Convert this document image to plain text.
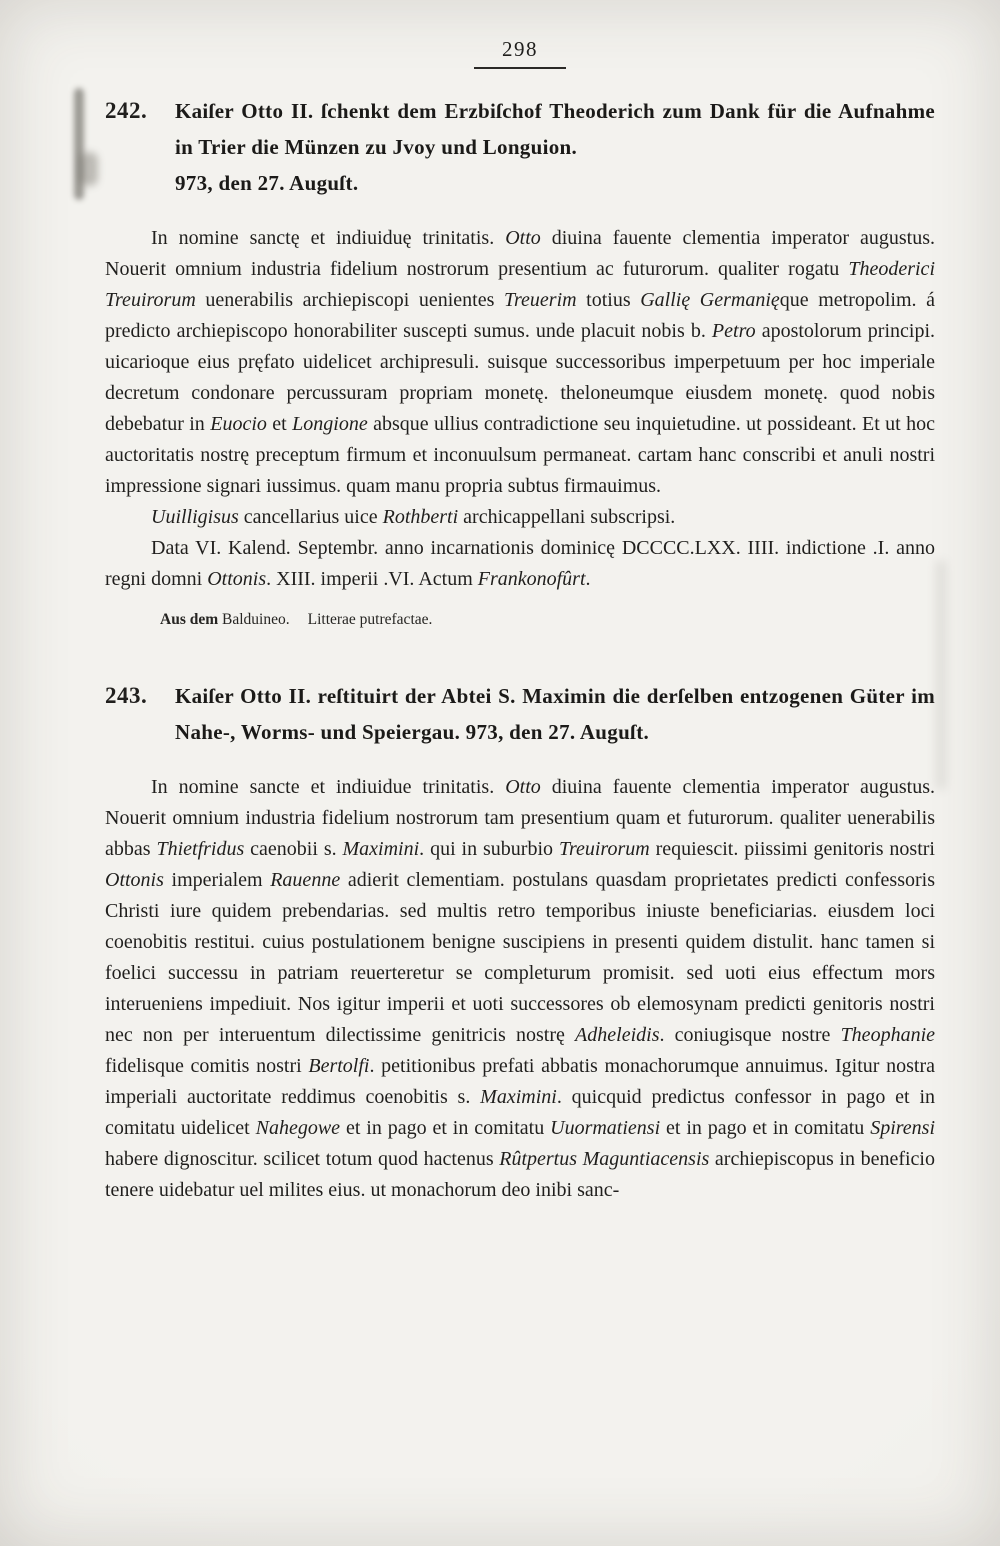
298
242.	Kaiſer Otto II. ſchenkt dem Erzbiſchof Theoderich zum Dank für die Aufnahme in Trier die Münzen zu Jvoy und Longuion.
973, den 27. Auguſt.

In nomine sanctę et indiuiduę trinitatis. Otto diuina fauente clementia imperator augustus. Nouerit omnium industria fidelium nostrorum presentium ac futurorum. qualiter rogatu Theoderici Treuirorum uenerabilis archiepiscopi uenientes Treuerim totius Gallię Germanięque metropolim. á predicto archiepiscopo honorabiliter suscepti sumus. unde placuit nobis b. Petro apostolorum principi. uicarioque eius pręfato uidelicet archipresuli. suisque successoribus imperpetuum per hoc imperiale decretum condonare percussuram propriam monetę. theloneumque eiusdem monetę. quod nobis debebatur in Euocio et Longione absque ullius contradictione seu inquietudine. ut possideant. Et ut hoc auctoritatis nostrę preceptum firmum et inconuulsum permaneat. cartam hanc conscribi et anuli nostri impressione signari iussimus. quam manu propria subtus firmauimus.

Uuilligisus cancellarius uice Rothberti archicappellani subscripsi.

Data VI. Kalend. Septembr. anno incarnationis dominicę DCCCC.LXX. IIII. indictione .I. anno regni domni Ottonis. XIII. imperii .VI. Actum Frankonofûrt.

Aus dem Balduineo. Litterae putrefactae.

243.	Kaiſer Otto II. reſtituirt der Abtei S. Maximin die derſelben entzogenen Güter im Nahe-, Worms- und Speiergau. 973, den 27. Auguſt.

In nomine sancte et indiuidue trinitatis. Otto diuina fauente clementia imperator augustus. Nouerit omnium industria fidelium nostrorum tam presentium quam et futurorum. qualiter uenerabilis abbas Thietfridus caenobii s. Maximini. qui in suburbio Treuirorum requiescit. piissimi genitoris nostri Ottonis imperialem Rauenne adierit clementiam. postulans quasdam proprietates predicti confessoris Christi iure quidem prebendarias. sed multis retro temporibus iniuste beneficiarias. eiusdem loci coenobitis restitui. cuius postulationem benigne suscipiens in presenti quidem distulit. hanc tamen si foelici successu in patriam reuerteretur se completurum promisit. sed uoti eius effectum mors interueniens impediuit. Nos igitur imperii et uoti successores ob elemosynam predicti genitoris nostri nec non per interuentum dilectissime genitricis nostrę Adheleidis. coniugisque nostre Theophanie fidelisque comitis nostri Bertolfi. petitionibus prefati abbatis monachorumque annuimus. Igitur nostra imperiali auctoritate reddimus coenobitis s. Maximini. quicquid predictus confessor in pago et in comitatu uidelicet Nahegowe et in pago et in comitatu Uuormatiensi et in pago et in comitatu Spirensi habere dignoscitur. scilicet totum quod hactenus Rûtpertus Maguntiacensis archiepiscopus in beneficio tenere uidebatur uel milites eius. ut monachorum deo inibi sanc-
